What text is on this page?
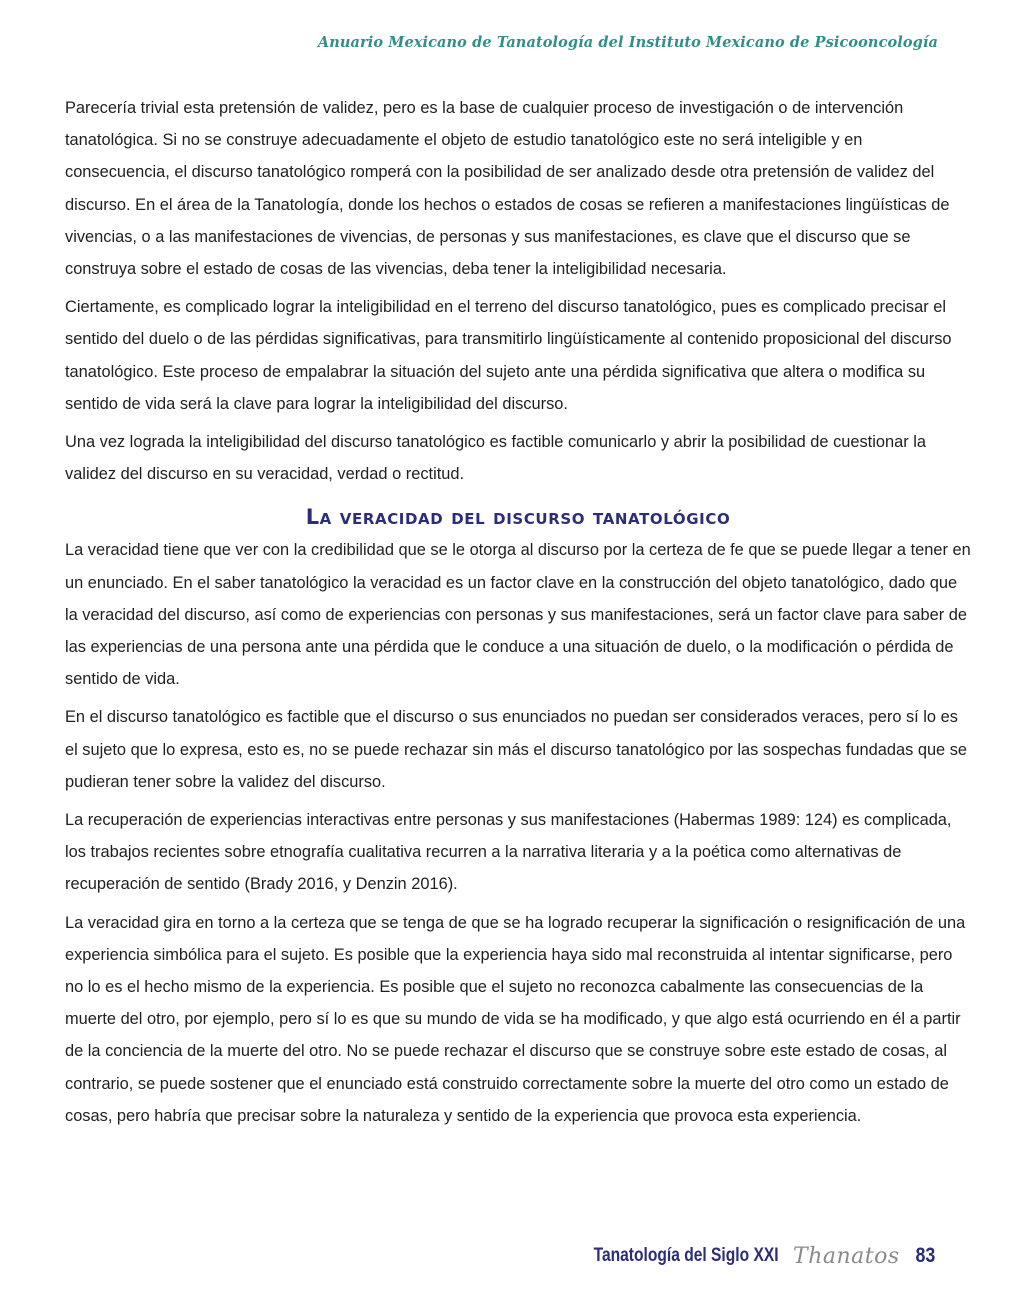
Anuario Mexicano de Tanatología del Instituto Mexicano de Psicooncología

Parecería trivial esta pretensión de validez, pero es la base de cualquier proceso de investigación o de intervención tanatológica. Si no se construye adecuadamente el objeto de estudio tanatológico este no será inteligible y en consecuencia, el discurso tanatológico romperá con la posibilidad de ser analizado desde otra pretensión de validez del discurso. En el área de la Tanatología, donde los hechos o estados de cosas se refieren a manifestaciones lingüísticas de vivencias, o a las manifestaciones de vivencias, de personas y sus manifestaciones, es clave que el discurso que se construya sobre el estado de cosas de las vivencias, deba tener la inteligibilidad necesaria.

Ciertamente, es complicado lograr la inteligibilidad en el terreno del discurso tanatológico, pues es complicado precisar el sentido del duelo o de las pérdidas significativas, para transmitirlo lingüísticamente al contenido proposicional del discurso tanatológico. Este proceso de empalabrar la situación del sujeto ante una pérdida significativa que altera o modifica su sentido de vida será la clave para lograr la inteligibilidad del discurso.

Una vez lograda la inteligibilidad del discurso tanatológico es factible comunicarlo y abrir la posibilidad de cuestionar la validez del discurso en su veracidad, verdad o rectitud.

La veracidad del discurso tanatológico

La veracidad tiene que ver con la credibilidad que se le otorga al discurso por la certeza de fe que se puede llegar a tener en un enunciado. En el saber tanatológico la veracidad es un factor clave en la construcción del objeto tanatológico, dado que la veracidad del discurso, así como de experiencias con personas y sus manifestaciones, será un factor clave para saber de las experiencias de una persona ante una pérdida que le conduce a una situación de duelo, o la modificación o pérdida de sentido de vida.

En el discurso tanatológico es factible que el discurso o sus enunciados no puedan ser considerados veraces, pero sí lo es el sujeto que lo expresa, esto es, no se puede rechazar sin más el discurso tanatológico por las sospechas fundadas que se pudieran tener sobre la validez del discurso.

La recuperación de experiencias interactivas entre personas y sus manifestaciones (Habermas 1989: 124) es complicada, los trabajos recientes sobre etnografía cualitativa recurren a la narrativa literaria y a la poética como alternativas de recuperación de sentido (Brady 2016, y Denzin 2016).

La veracidad gira en torno a la certeza que se tenga de que se ha logrado recuperar la significación o resignificación de una experiencia simbólica para el sujeto. Es posible que la experiencia haya sido mal reconstruida al intentar significarse, pero no lo es el hecho mismo de la experiencia. Es posible que el sujeto no reconozca cabalmente las consecuencias de la muerte del otro, por ejemplo, pero sí lo es que su mundo de vida se ha modificado, y que algo está ocurriendo en él a partir de la conciencia de la muerte del otro. No se puede rechazar el discurso que se construye sobre este estado de cosas, al contrario, se puede sostener que el enunciado está construido correctamente sobre la muerte del otro como un estado de cosas, pero habría que precisar sobre la naturaleza y sentido de la experiencia que provoca esta experiencia.

Tanatología del Siglo XXI Thanatos 83
